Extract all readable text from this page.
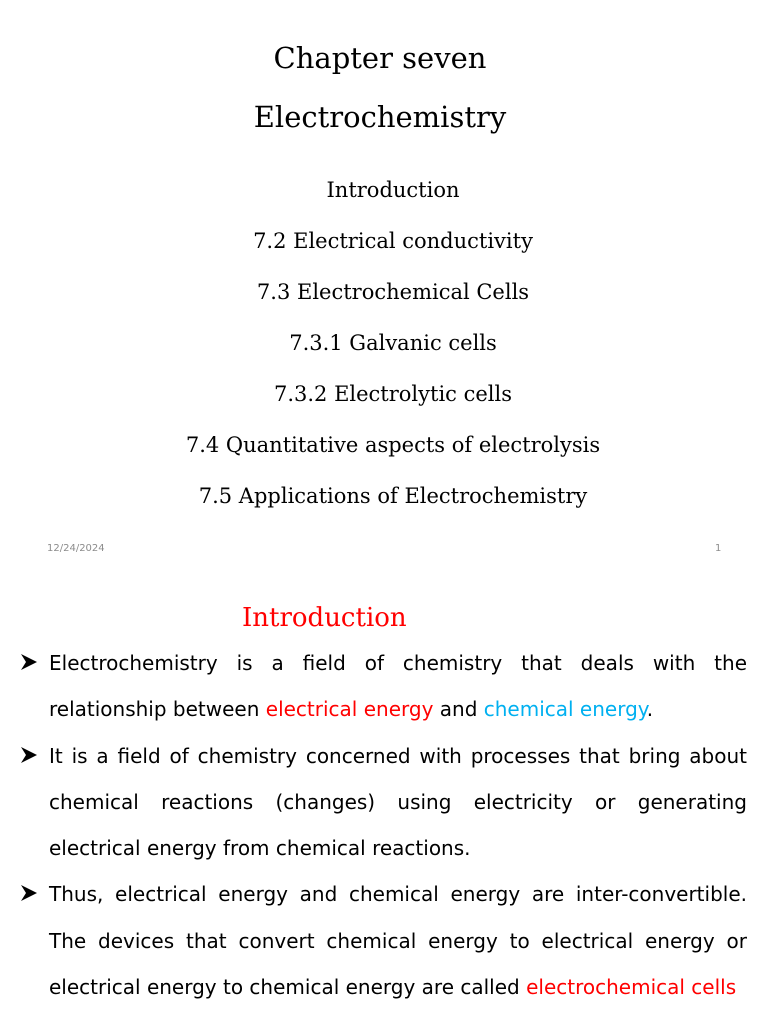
Chapter seven
Electrochemistry
Introduction
7.2 Electrical conductivity
7.3 Electrochemical Cells
7.3.1 Galvanic cells
7.3.2 Electrolytic cells
7.4 Quantitative aspects of electrolysis
7.5 Applications of Electrochemistry
12/24/2024	1
Introduction
Electrochemistry is a field of chemistry that deals with the relationship between electrical energy and chemical energy.
It is a field of chemistry concerned with processes that bring about chemical reactions (changes) using electricity or generating electrical energy from chemical reactions.
Thus, electrical energy and chemical energy are inter-convertible. The devices that convert chemical energy to electrical energy or electrical energy to chemical energy are called electrochemical cells
